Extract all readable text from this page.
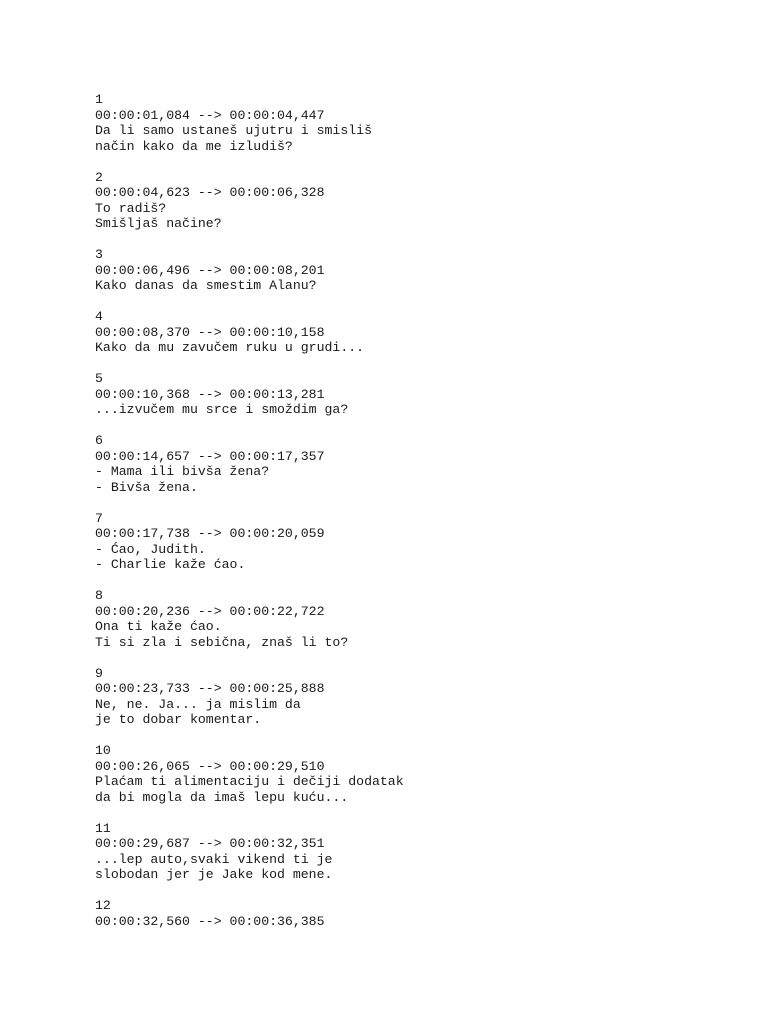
1
00:00:01,084 --> 00:00:04,447
Da li samo ustaneš ujutru i smisliš
način kako da me izludiš?
2
00:00:04,623 --> 00:00:06,328
To radiš?
Smišljaš načine?
3
00:00:06,496 --> 00:00:08,201
Kako danas da smestim Alanu?
4
00:00:08,370 --> 00:00:10,158
Kako da mu zavučem ruku u grudi...
5
00:00:10,368 --> 00:00:13,281
...izvučem mu srce i smoždim ga?
6
00:00:14,657 --> 00:00:17,357
- Mama ili bivša žena?
- Bivša žena.
7
00:00:17,738 --> 00:00:20,059
- Ćao, Judith.
- Charlie kaže ćao.
8
00:00:20,236 --> 00:00:22,722
Ona ti kaže ćao.
Ti si zla i sebična, znaš li to?
9
00:00:23,733 --> 00:00:25,888
Ne, ne. Ja... ja mislim da
je to dobar komentar.
10
00:00:26,065 --> 00:00:29,510
Plaćam ti alimentaciju i dečiji dodatak
da bi mogla da imaš lepu kuću...
11
00:00:29,687 --> 00:00:32,351
...lep auto,svaki vikend ti je
slobodan jer je Jake kod mene.
12
00:00:32,560 --> 00:00:36,385
